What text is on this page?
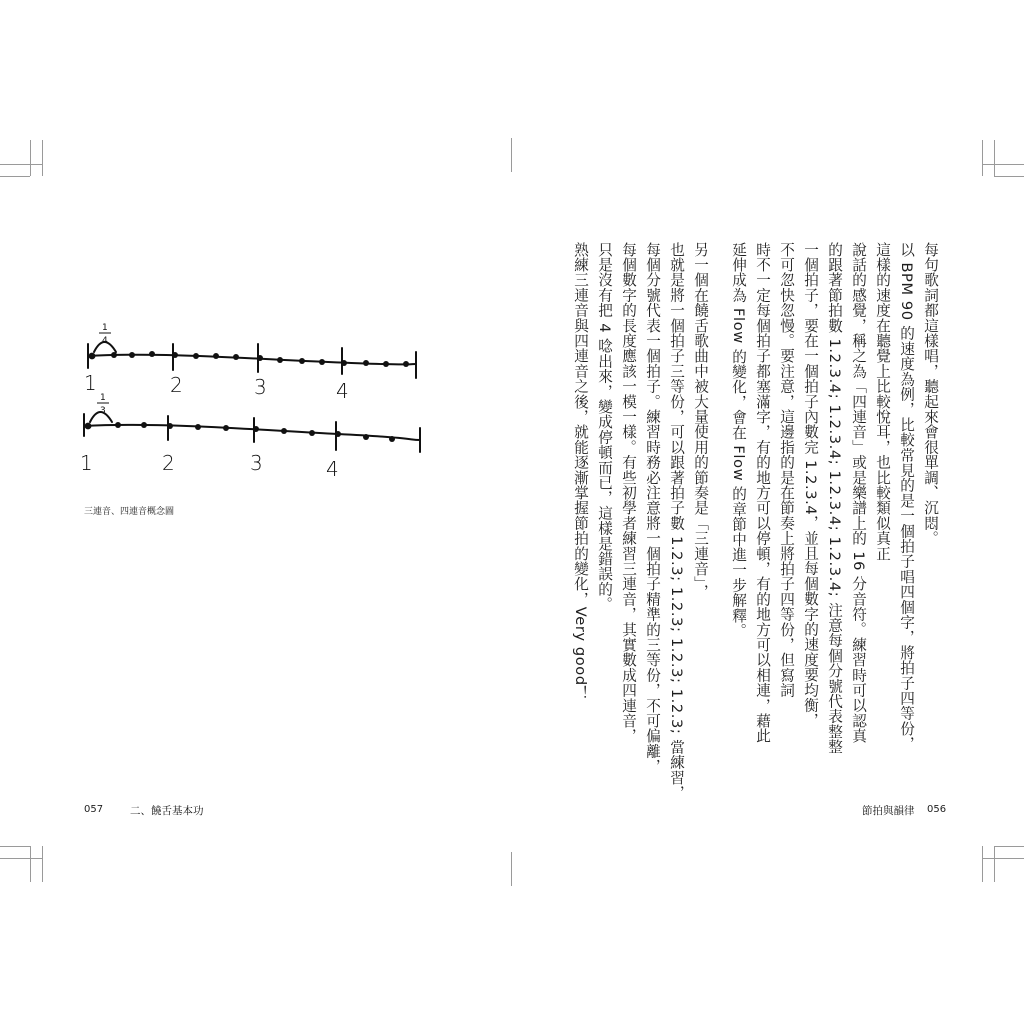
每句歌詞都這樣唱，聽起來會很單調、沉悶。
以 BPM 90 的速度為例，比較常見的是一個拍子唱四個字，將拍子四等份，
這樣的速度在聽覺上比較悅耳，也比較類似真正
說話的感覺，稱之為「四連音」或是樂譜上的 16 分音符。練習時可以認真
的跟著節拍數 1.2.3.4; 1.2.3.4; 1.2.3.4; 1.2.3.4; 注意每個分號代表整整
一個拍子，要在一個拍子內數完 1.2.3.4，並且每個數字的速度要均衡，
不可忽快忽慢。要注意，這邊指的是在節奏上將拍子四等份，但寫詞
時不一定每個拍子都塞滿字，有的地方可以停頓，有的地方可以相連，藉此
延伸成為 Flow 的變化，會在 Flow 的章節中進一步解釋。
另一個在饒舌歌曲中被大量使用的節奏是「三連音」，
也就是將一個拍子三等份，可以跟著拍子數 1.2.3; 1.2.3; 1.2.3; 1.2.3; 當練習，
每個分號代表一個拍子。練習時務必注意將一個拍子精準的三等份，不可偏離，
每個數字的長度應該一模一樣。有些初學者練習三連音，其實數成四連音，
只是沒有把 4 唸出來，變成停頓而已，這樣是錯誤的。
熟練三連音與四連音之後，就能逐漸掌握節拍的變化，Very good！
1
4
1
3
1	2	3	4
1	2	3	4
三連音、四連音概念圖
057	二、饒舌基本功	節拍與韻律 056
